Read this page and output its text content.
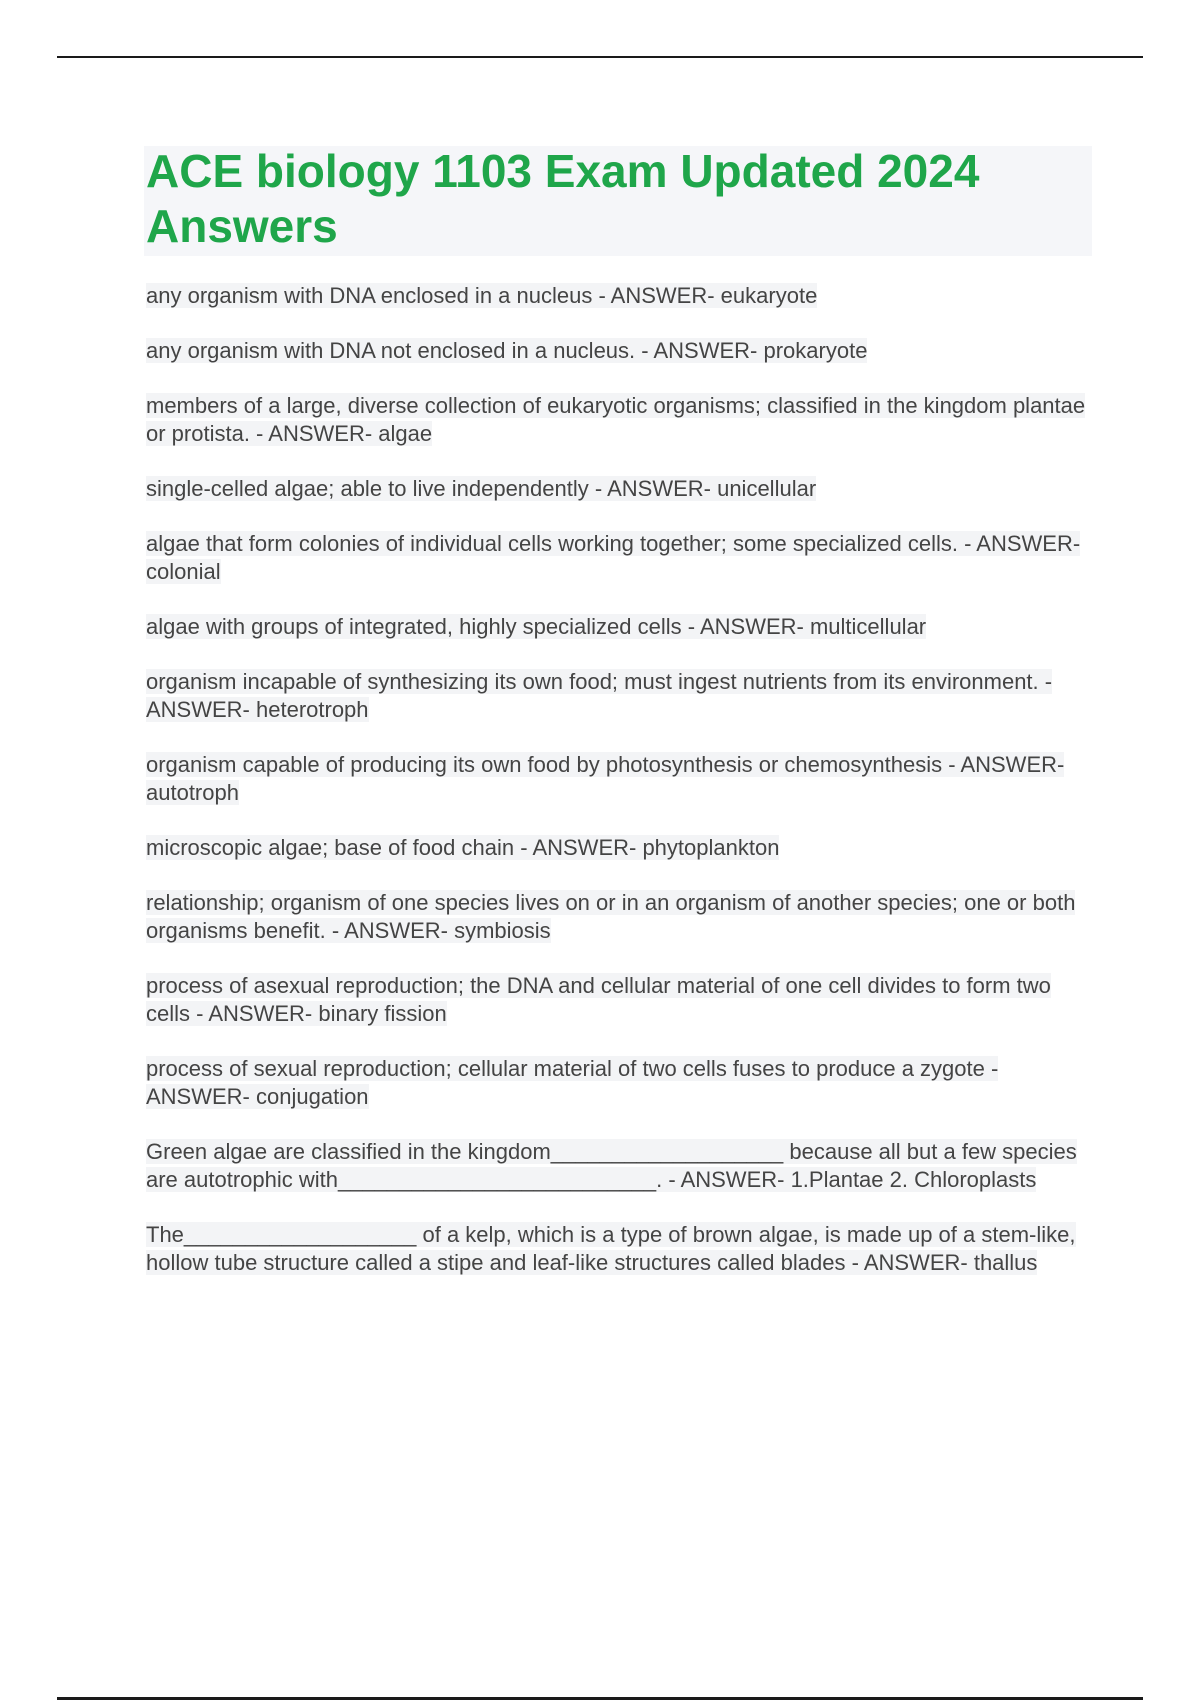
ACE biology 1103 Exam Updated 2024 Answers

any organism with DNA enclosed in a nucleus - ANSWER- eukaryote

any organism with DNA not enclosed in a nucleus. - ANSWER- prokaryote

members of a large, diverse collection of eukaryotic organisms; classified in the kingdom plantae or protista. - ANSWER- algae

single-celled algae; able to live independently - ANSWER- unicellular

algae that form colonies of individual cells working together; some specialized cells. - ANSWER- colonial

algae with groups of integrated, highly specialized cells - ANSWER- multicellular

organism incapable of synthesizing its own food; must ingest nutrients from its environment. - ANSWER- heterotroph

organism capable of producing its own food by photosynthesis or chemosynthesis - ANSWER- autotroph

microscopic algae; base of food chain - ANSWER- phytoplankton

relationship; organism of one species lives on or in an organism of another species; one or both organisms benefit. - ANSWER- symbiosis

process of asexual reproduction; the DNA and cellular material of one cell divides to form two cells - ANSWER- binary fission

process of sexual reproduction; cellular material of two cells fuses to produce a zygote - ANSWER- conjugation

Green algae are classified in the kingdom___________________ because all but a few species are autotrophic with__________________________. - ANSWER- 1.Plantae 2. Chloroplasts

The___________________ of a kelp, which is a type of brown algae, is made up of a stem-like, hollow tube structure called a stipe and leaf-like structures called blades - ANSWER- thallus
